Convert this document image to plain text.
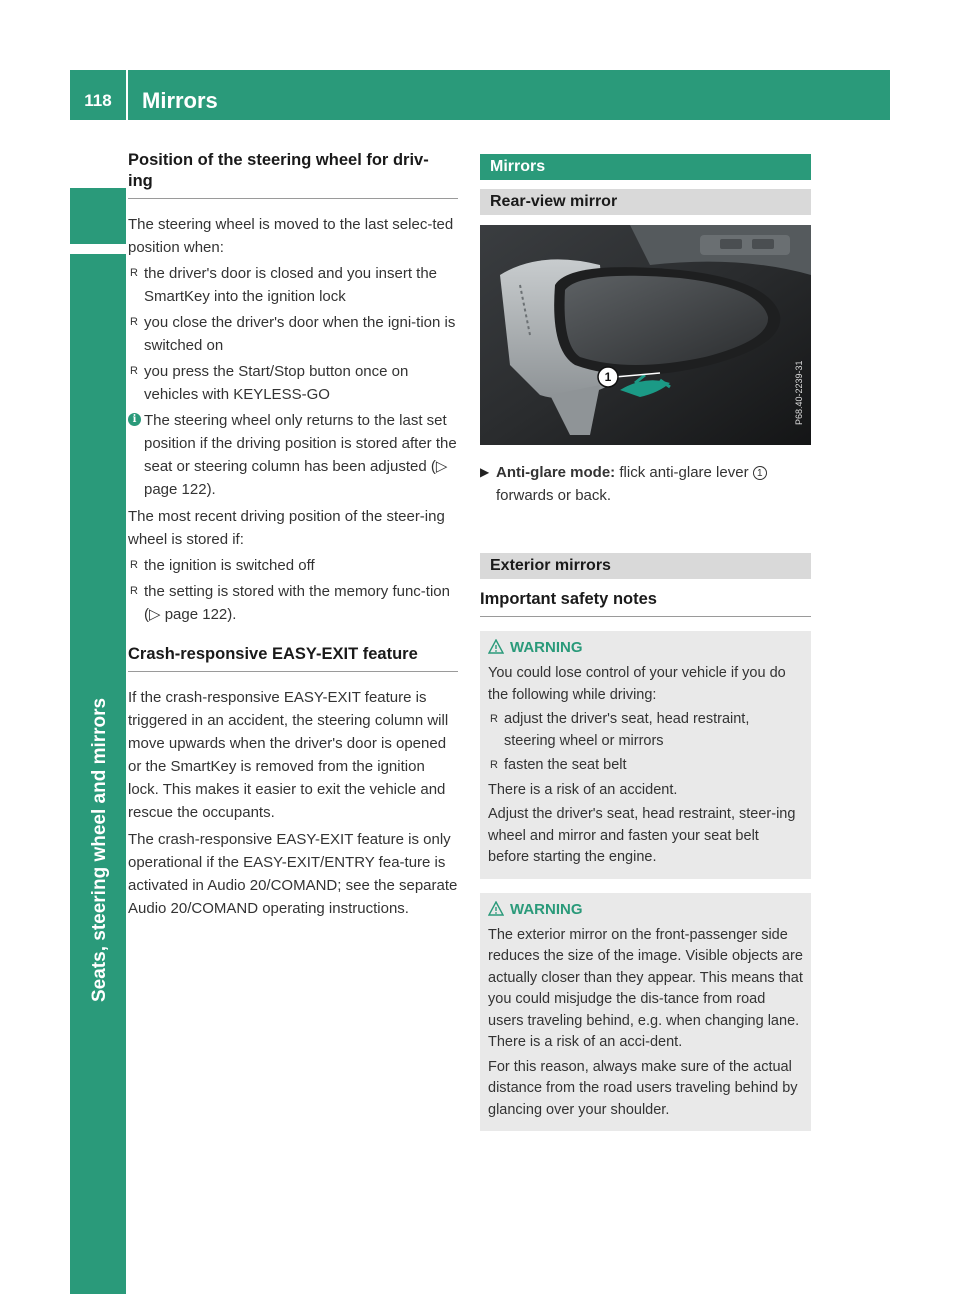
118	Mirrors
Seats, steering wheel and mirrors
Position of the steering wheel for driv-
ing

The steering wheel is moved to the last selec-ted position when:

R the driver's door is closed and you insert the SmartKey into the ignition lock
R you close the driver's door when the igni-tion is switched on
R you press the Start/Stop button once on vehicles with KEYLESS-GO
i The steering wheel only returns to the last set position if the driving position is stored after the seat or steering column has been adjusted (▷ page 122).

The most recent driving position of the steer-ing wheel is stored if:

R the ignition is switched off
R the setting is stored with the memory func-tion (▷ page 122).
Crash-responsive EASY-EXIT feature

If the crash-responsive EASY-EXIT feature is triggered in an accident, the steering column will move upwards when the driver's door is opened or the SmartKey is removed from the ignition lock. This makes it easier to exit the vehicle and rescue the occupants.

The crash-responsive EASY-EXIT feature is only operational if the EASY-EXIT/ENTRY fea-ture is activated in Audio 20/COMAND; see the separate Audio 20/COMAND operating instructions.

Mirrors
Rear-view mirror
1	P68.40-2239-31
▶ Anti-glare mode: flick anti-glare lever 1
forwards or back.
Exterior mirrors
Important safety notes
WARNING

You could lose control of your vehicle if you do the following while driving:

R adjust the driver's seat, head restraint, steering wheel or mirrors
R fasten the seat belt

There is a risk of an accident.

Adjust the driver's seat, head restraint, steer-ing wheel and mirror and fasten your seat belt before starting the engine.

WARNING

The exterior mirror on the front-passenger side reduces the size of the image. Visible objects are actually closer than they appear. This means that you could misjudge the dis-tance from road users traveling behind, e.g. when changing lane. There is a risk of an acci-dent.

For this reason, always make sure of the actual distance from the road users traveling behind by glancing over your shoulder.
